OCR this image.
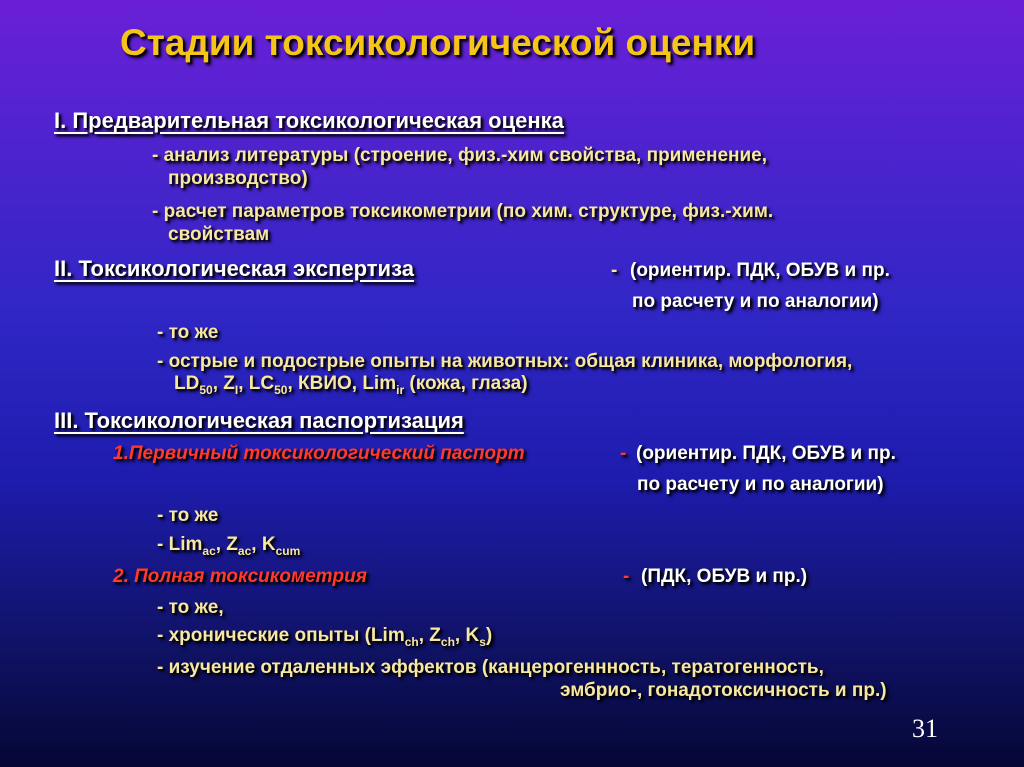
Стадии токсикологической оценки
I. Предварительная токсикологическая оценка
- анализ литературы (строение, физ.-хим свойства, применение,
производство)
- расчет параметров токсикометрии (по хим. структуре, физ.-хим.
свойствам
II. Токсикологическая экспертиза	- (ориентир. ПДК, ОБУВ и пр.
по расчету и по аналогии)
- то же
- острые и подострые опыты на животных: общая клиника, морфология,
$LD_{50}$, $Z_I$, $LC_{50}$, КВИО, Lim$_{ir}$ (кожа, глаза)
III. Токсикологическая паспортизация
1.Первичный токсикологический паспорт	- (ориентир. ПДК, ОБУВ и пр.
по расчету и по аналогии)
- то же
- Lim$_{ac}$, $Z_{ac}$, $K_{cum}$
2. Полная токсикометрия	- (ПДК, ОБУВ и пр.)
- то же,
- хронические опыты (Lim$_{ch}$, $Z_{ch}$, $K_s$)
- изучение отдаленных эффектов (канцерогеннность, тератогенность,
эмбрио-, гонадотоксичность и пр.)
31
